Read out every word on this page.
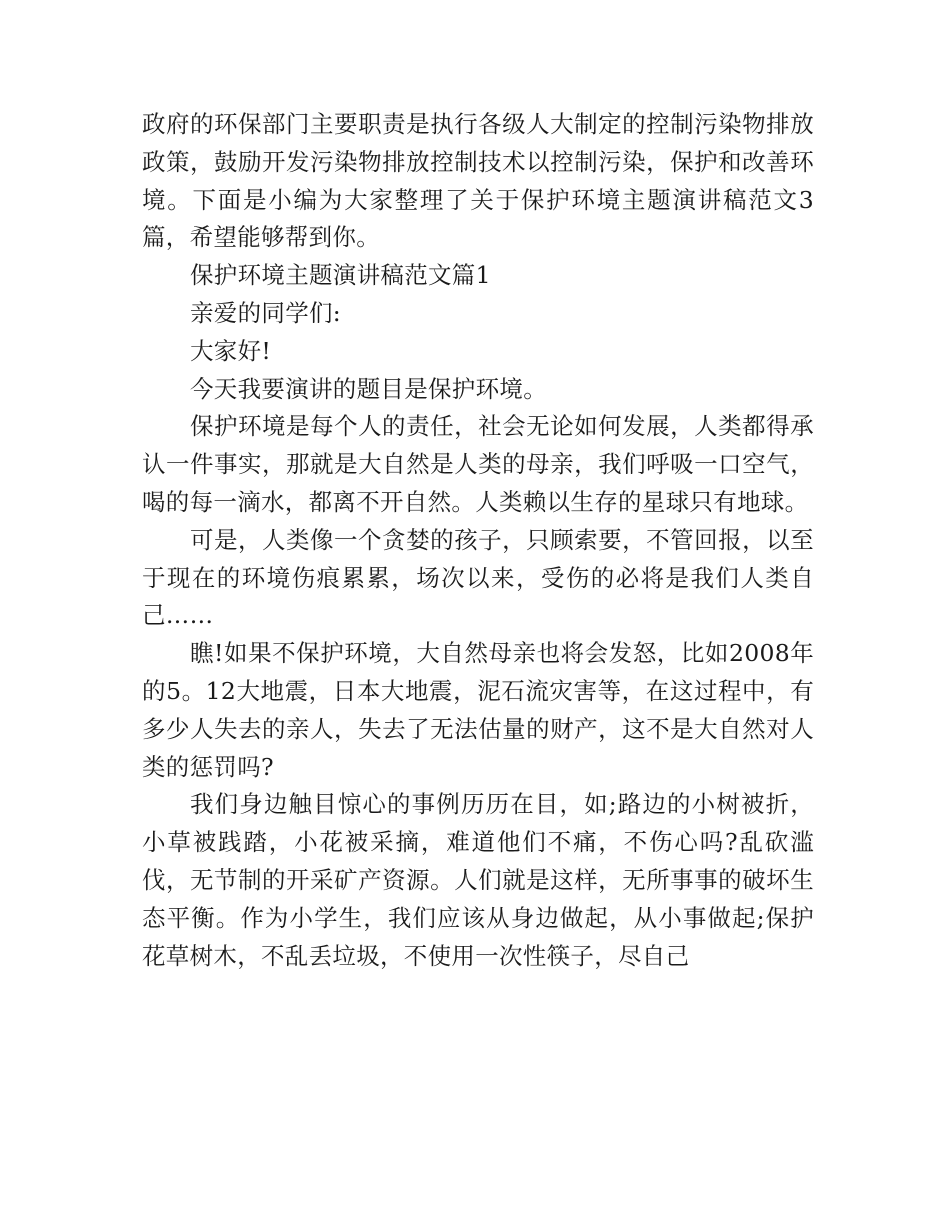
政府的环保部门主要职责是执行各级人大制定的控制污染物排放政策，鼓励开发污染物排放控制技术以控制污染，保护和改善环境。下面是小编为大家整理了关于保护环境主题演讲稿范文3篇，希望能够帮到你。

保护环境主题演讲稿范文篇1

亲爱的同学们:

大家好!

今天我要演讲的题目是保护环境。

保护环境是每个人的责任，社会无论如何发展，人类都得承认一件事实，那就是大自然是人类的母亲，我们呼吸一口空气，喝的每一滴水，都离不开自然。人类赖以生存的星球只有地球。

可是，人类像一个贪婪的孩子，只顾索要，不管回报，以至于现在的环境伤痕累累，场次以来，受伤的必将是我们人类自己……

瞧!如果不保护环境，大自然母亲也将会发怒，比如2008年的5。12大地震，日本大地震，泥石流灾害等，在这过程中，有多少人失去的亲人，失去了无法估量的财产，这不是大自然对人类的惩罚吗?

我们身边触目惊心的事例历历在目，如;路边的小树被折，小草被践踏，小花被采摘，难道他们不痛，不伤心吗?乱砍滥伐，无节制的开采矿产资源。人们就是这样，无所事事的破坏生态平衡。作为小学生，我们应该从身边做起，从小事做起;保护花草树木，不乱丢垃圾，不使用一次性筷子，尽自己
